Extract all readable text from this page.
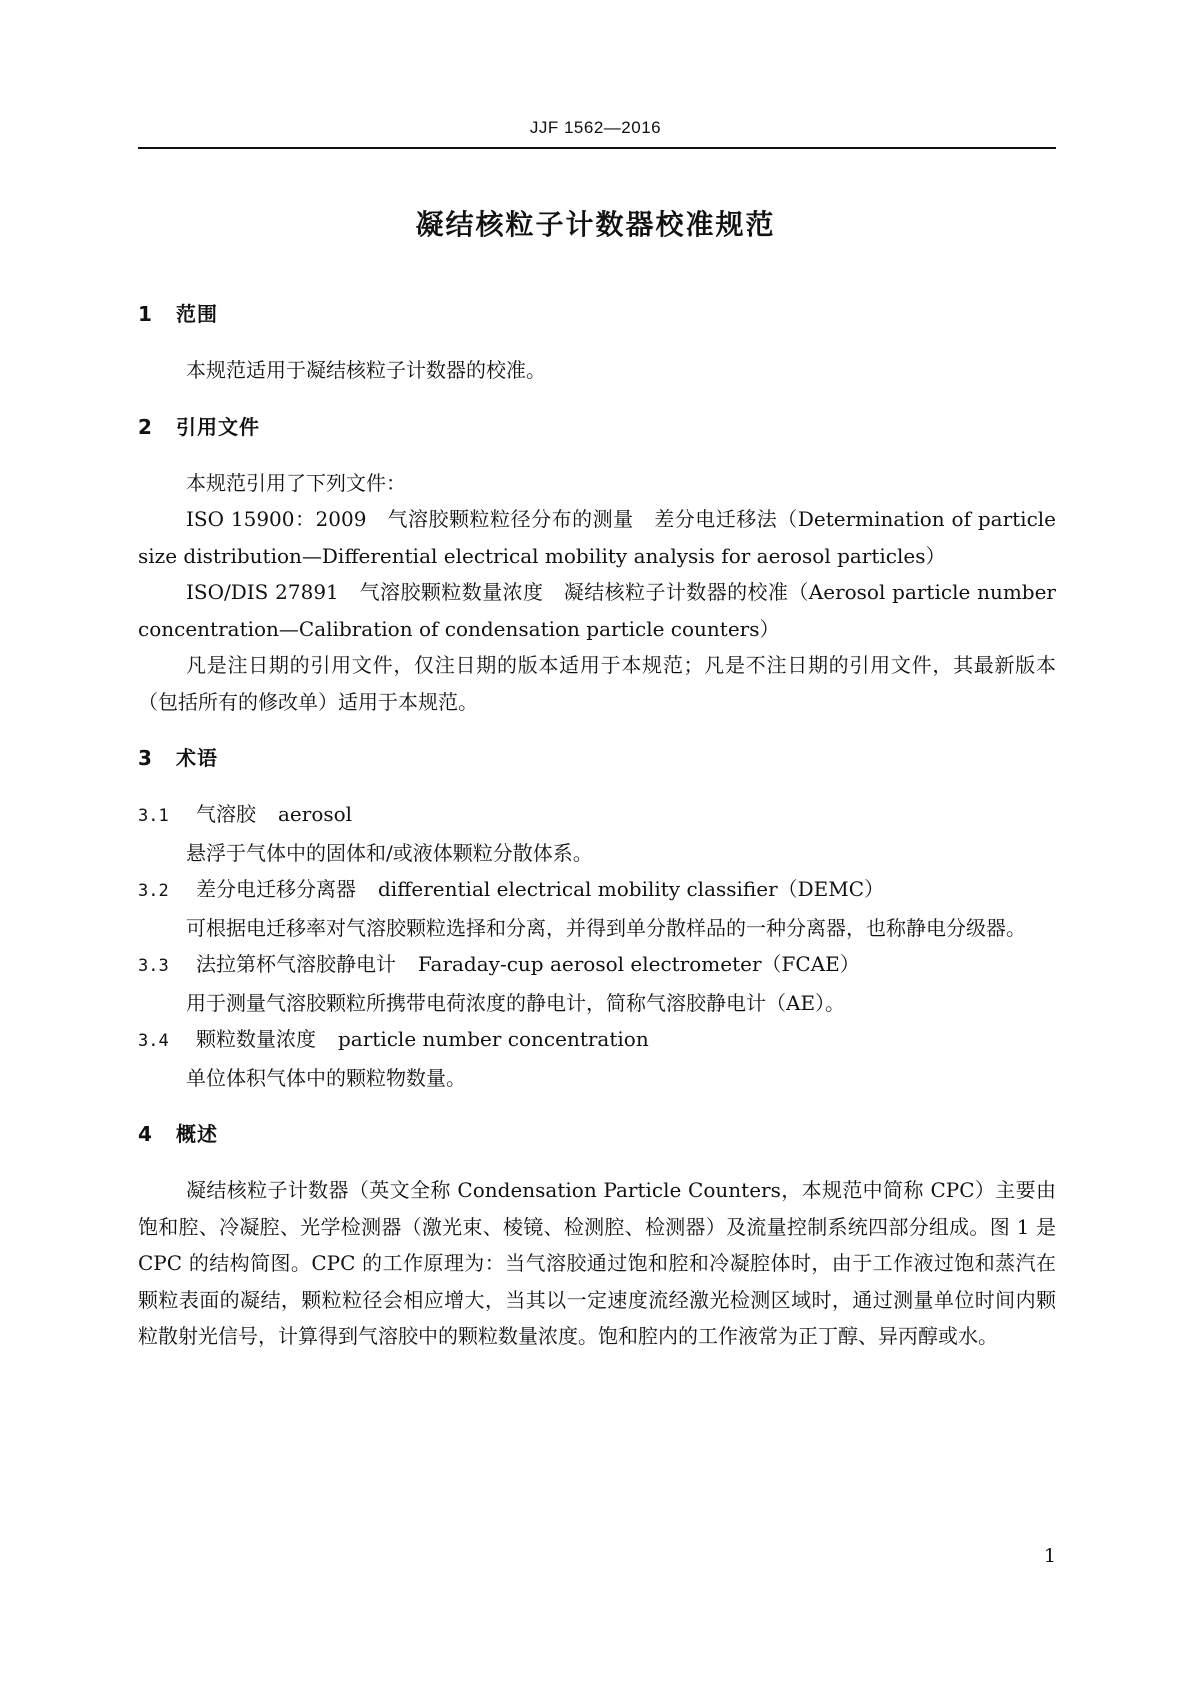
JJF 1562—2016
凝结核粒子计数器校准规范
1 范围

本规范适用于凝结核粒子计数器的校准。

2 引用文件

本规范引用了下列文件：

ISO 15900：2009　气溶胶颗粒粒径分布的测量　差分电迁移法（Determination of particle size distribution—Differential electrical mobility analysis for aerosol particles）

ISO/DIS 27891　气溶胶颗粒数量浓度　凝结核粒子计数器的校准（Aerosol particle number concentration—Calibration of condensation particle counters）

凡是注日期的引用文件，仅注日期的版本适用于本规范；凡是不注日期的引用文件，其最新版本（包括所有的修改单）适用于本规范。

3 术语

3.1 气溶胶 aerosol

悬浮于气体中的固体和/或液体颗粒分散体系。

3.2 差分电迁移分离器 differential electrical mobility classifier（DEMC）

可根据电迁移率对气溶胶颗粒选择和分离，并得到单分散样品的一种分离器，也称静电分级器。

3.3 法拉第杯气溶胶静电计 Faraday-cup aerosol electrometer（FCAE）

用于测量气溶胶颗粒所携带电荷浓度的静电计，简称气溶胶静电计（AE）。

3.4 颗粒数量浓度 particle number concentration

单位体积气体中的颗粒物数量。

4 概述

凝结核粒子计数器（英文全称 Condensation Particle Counters，本规范中简称 CPC）主要由饱和腔、冷凝腔、光学检测器（激光束、棱镜、检测腔、检测器）及流量控制系统四部分组成。图 1 是 CPC 的结构简图。CPC 的工作原理为：当气溶胶通过饱和腔和冷凝腔体时，由于工作液过饱和蒸汽在颗粒表面的凝结，颗粒粒径会相应增大，当其以一定速度流经激光检测区域时，通过测量单位时间内颗粒散射光信号，计算得到气溶胶中的颗粒数量浓度。饱和腔内的工作液常为正丁醇、异丙醇或水。

1
